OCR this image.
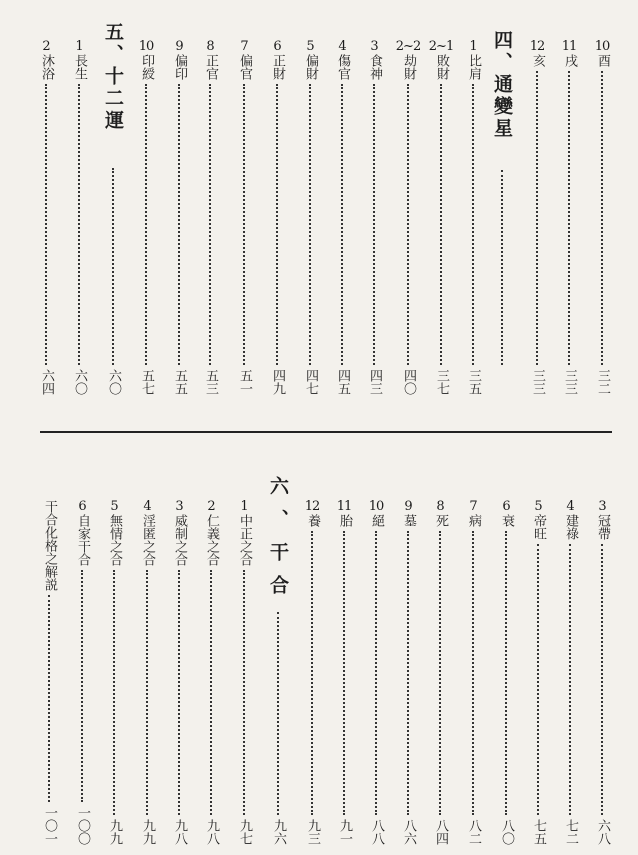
10
酉
三二
11
戌
三三
12
亥
三三
四、通變星
1
比肩
三五
2~1
敗財
三七
2~2
劫財
四〇
3
食神
四三
4
傷官
四五
5
偏財
四七
6
正財
四九
7
偏官
五一
8
正官
五三
9
偏印
五五
10
印綬
五七
五、十二運
六〇
1
長生
六〇
2
沐浴
六四
3
冠帶
六八
4
建祿
七二
5
帝旺
七五
6
衰
八〇
7
病
八二
8
死
八四
9
墓
八六
10
絕
八八
11
胎
九一
12
養
九三
六、干合
九六
1
中正之合
九七
2
仁義之合
九八
3
威制之合
九八
4
淫匿之合
九九
5
無情之合
九九
6
自家干合
一〇〇
干合化格之解説
一〇一
